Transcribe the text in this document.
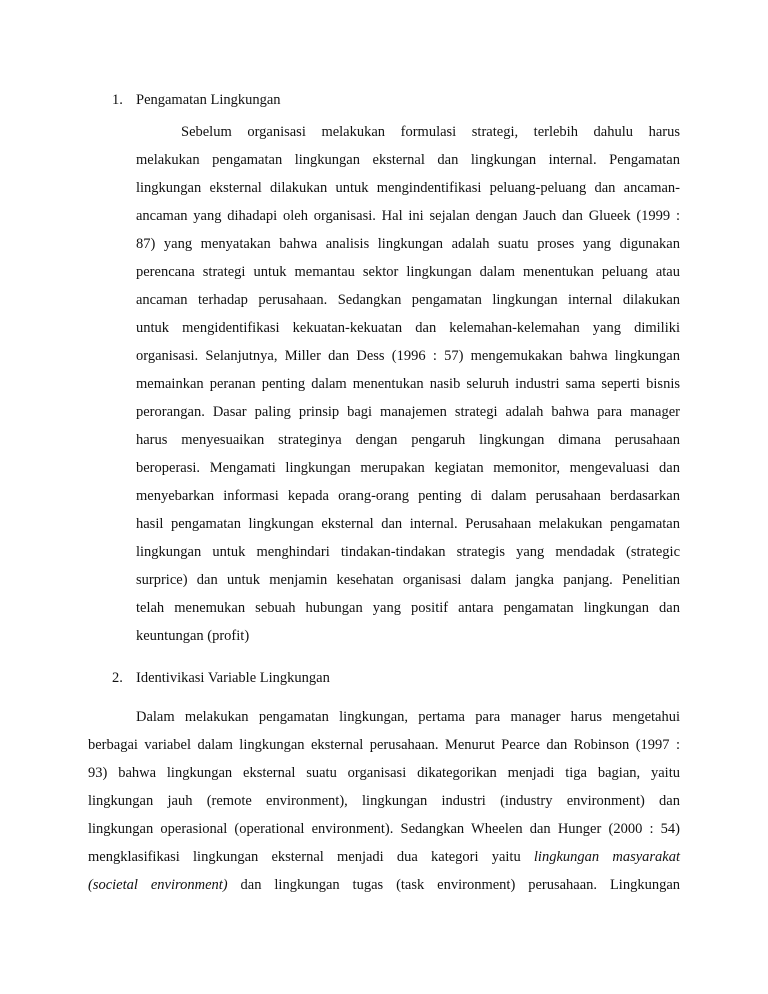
1. Pengamatan Lingkungan
Sebelum organisasi melakukan formulasi strategi, terlebih dahulu harus
melakukan pengamatan lingkungan eksternal dan lingkungan internal. Pengamatan
lingkungan eksternal dilakukan untuk mengindentifikasi peluang-peluang dan ancaman-
ancaman yang dihadapi oleh organisasi. Hal ini sejalan dengan Jauch dan Glueek (1999 :
87) yang menyatakan bahwa analisis lingkungan adalah suatu proses yang digunakan
perencana strategi untuk memantau sektor lingkungan dalam menentukan peluang atau
ancaman terhadap perusahaan. Sedangkan pengamatan lingkungan internal dilakukan
untuk mengidentifikasi kekuatan-kekuatan dan kelemahan-kelemahan yang dimiliki
organisasi. Selanjutnya, Miller dan Dess (1996 : 57) mengemukakan bahwa lingkungan
memainkan peranan penting dalam menentukan nasib seluruh industri sama seperti bisnis
perorangan. Dasar paling prinsip bagi manajemen strategi adalah bahwa para manager
harus menyesuaikan strateginya dengan pengaruh lingkungan dimana perusahaan
beroperasi. Mengamati lingkungan merupakan kegiatan memonitor, mengevaluasi dan
menyebarkan informasi kepada orang-orang penting di dalam perusahaan berdasarkan
hasil pengamatan lingkungan eksternal dan internal. Perusahaan melakukan pengamatan
lingkungan untuk menghindari tindakan-tindakan strategis yang mendadak (strategic
surprice) dan untuk menjamin kesehatan organisasi dalam jangka panjang. Penelitian
telah menemukan sebuah hubungan yang positif antara pengamatan lingkungan dan
keuntungan (profit)
2. Identivikasi Variable Lingkungan
Dalam melakukan pengamatan lingkungan, pertama para manager harus mengetahui
berbagai variabel dalam lingkungan eksternal perusahaan. Menurut Pearce dan Robinson (1997 :
93) bahwa lingkungan eksternal suatu organisasi dikategorikan menjadi tiga bagian, yaitu
lingkungan jauh (remote environment), lingkungan industri (industry environment) dan
lingkungan operasional (operational environment). Sedangkan Wheelen dan Hunger (2000 : 54)
mengklasifikasi lingkungan eksternal menjadi dua kategori yaitu lingkungan masyarakat
(societal environment) dan lingkungan tugas (task environment) perusahaan. Lingkungan
